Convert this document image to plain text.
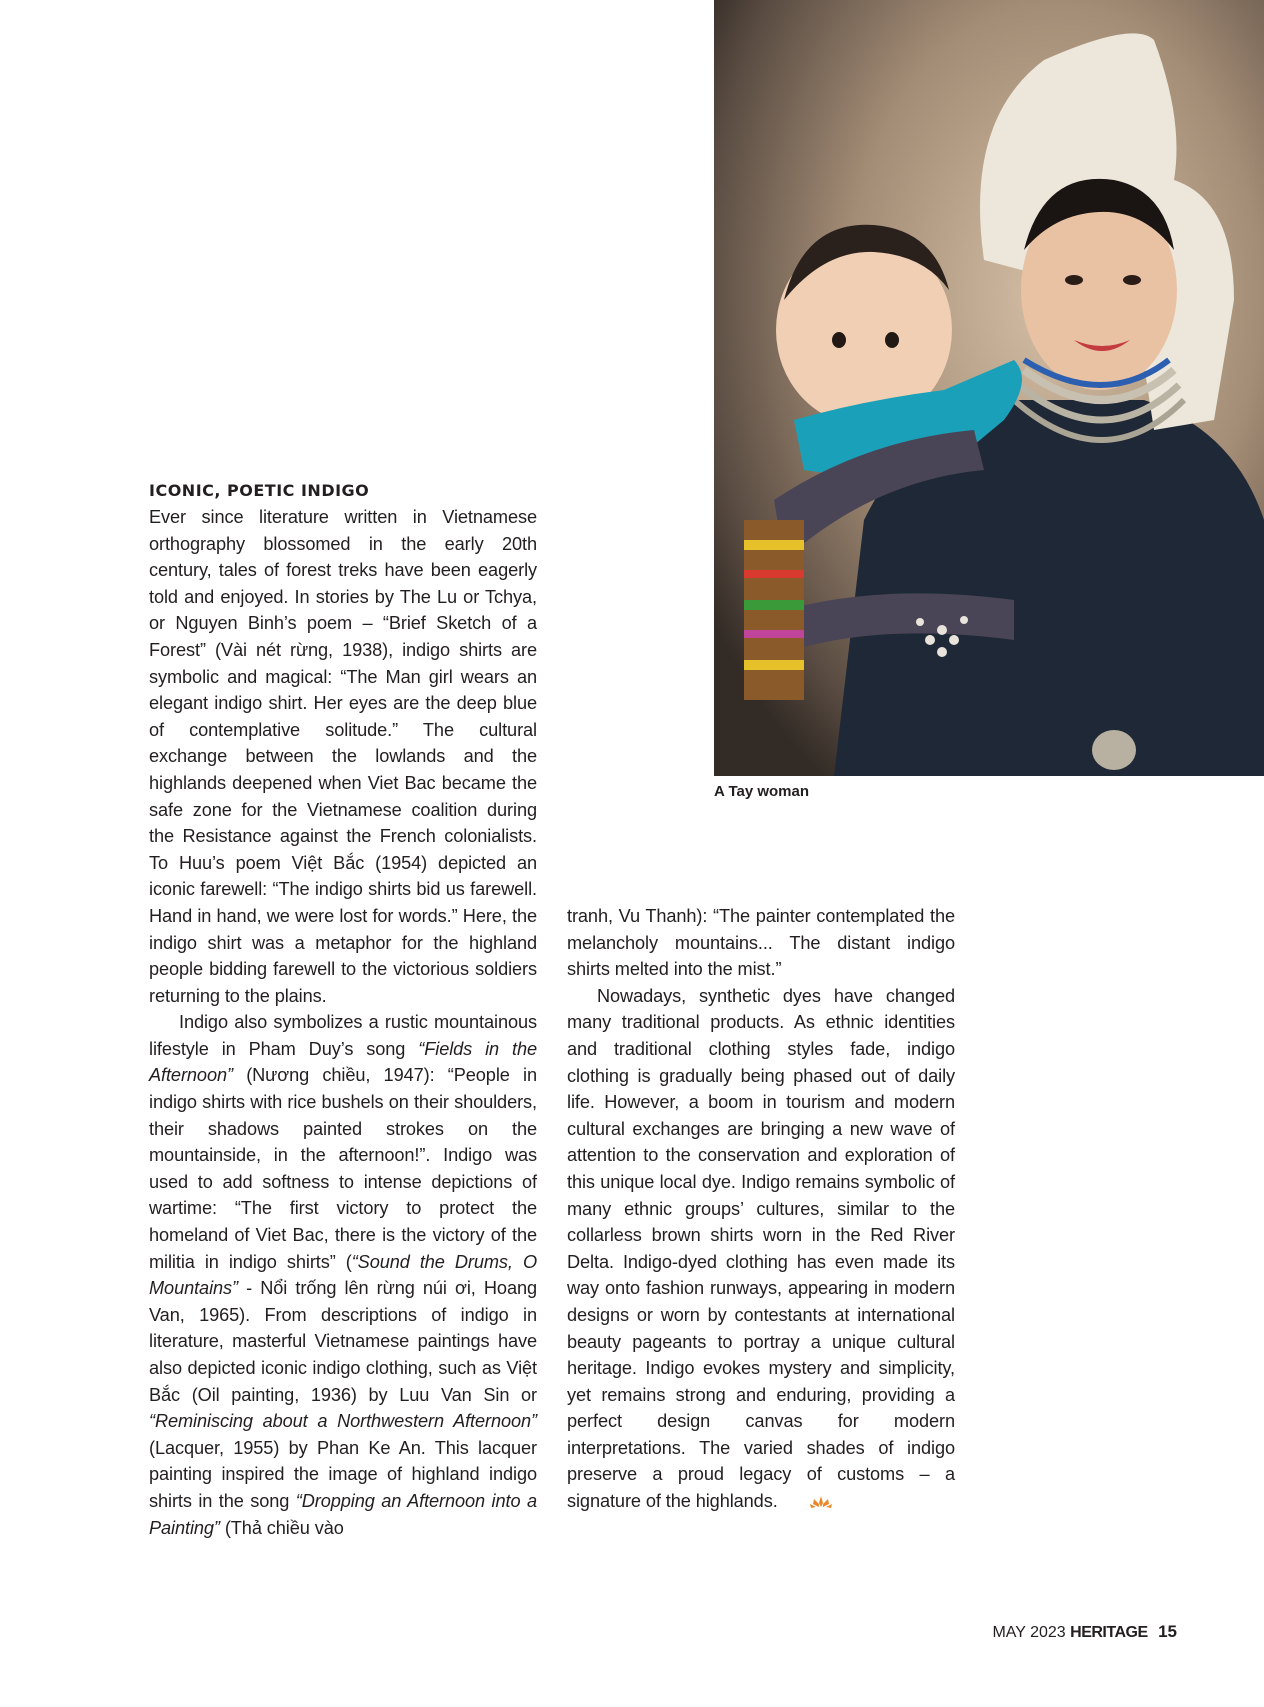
A Tay woman
ICONIC, POETIC INDIGO

Ever since literature written in Vietnamese orthography blossomed in the early 20th century, tales of forest treks have been eagerly told and enjoyed. In stories by The Lu or Tchya, or Nguyen Binh’s poem – “Brief Sketch of a Forest” (Vài nét rừng, 1938), indigo shirts are symbolic and magical: “The Man girl wears an elegant indigo shirt. Her eyes are the deep blue of contemplative solitude.” The cultural exchange between the lowlands and the highlands deepened when Viet Bac became the safe zone for the Vietnamese coalition during the Resistance against the French colonialists. To Huu’s poem Việt Bắc (1954) depicted an iconic farewell: “The indigo shirts bid us farewell. Hand in hand, we were lost for words.” Here, the indigo shirt was a metaphor for the highland people bidding farewell to the victorious soldiers returning to the plains.

Indigo also symbolizes a rustic mountainous lifestyle in Pham Duy’s song “Fields in the Afternoon” (Nương chiều, 1947): “People in indigo shirts with rice bushels on their shoulders, their shadows painted strokes on the mountainside, in the afternoon!”. Indigo was used to add softness to intense depictions of wartime: “The first victory to protect the homeland of Viet Bac, there is the victory of the militia in indigo shirts” (“Sound the Drums, O Mountains” - Nổi trống lên rừng núi ơi, Hoang Van, 1965). From descriptions of indigo in literature, masterful Vietnamese paintings have also depicted iconic indigo clothing, such as Việt Bắc (Oil painting, 1936) by Luu Van Sin or “Reminiscing about a Northwestern Afternoon” (Lacquer, 1955) by Phan Ke An. This lacquer painting inspired the image of highland indigo shirts in the song “Dropping an Afternoon into a Painting” (Thả chiều vào

tranh, Vu Thanh): “The painter contemplated the melancholy mountains... The distant indigo shirts melted into the mist.”

Nowadays, synthetic dyes have changed many traditional products. As ethnic identities and traditional clothing styles fade, indigo clothing is gradually being phased out of daily life. However, a boom in tourism and modern cultural exchanges are bringing a new wave of attention to the conservation and exploration of this unique local dye. Indigo remains symbolic of many ethnic groups’ cultures, similar to the collarless brown shirts worn in the Red River Delta. Indigo-dyed clothing has even made its way onto fashion runways, appearing in modern designs or worn by contestants at international beauty pageants to portray a unique cultural heritage. Indigo evokes mystery and simplicity, yet remains strong and enduring, providing a perfect design canvas for modern interpretations. The varied shades of indigo preserve a proud legacy of customs – a signature of the highlands.

MAY 2023 HERITAGE 15
